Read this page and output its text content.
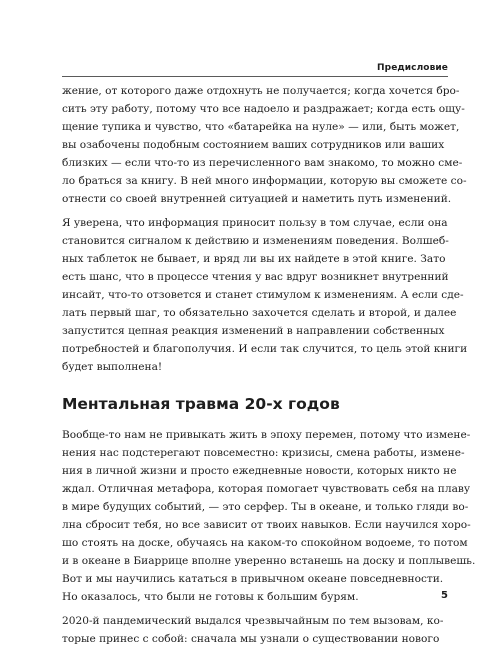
Предисловие

жение, от которого даже отдохнуть не получается; когда хочется бро-
сить эту работу, потому что все надоело и раздражает; когда есть ощу-
щение тупика и чувство, что «батарейка на нуле» — или, быть может,
вы озабочены подобным состоянием ваших сотрудников или ваших
близких — если что-то из перечисленного вам знакомо, то можно сме-
ло браться за книгу. В ней много информации, которую вы сможете со-
отнести со своей внутренней ситуацией и наметить путь изменений.

Я уверена, что информация приносит пользу в том случае, если она
становится сигналом к действию и изменениям поведения. Волшеб-
ных таблеток не бывает, и вряд ли вы их найдете в этой книге. Зато
есть шанс, что в процессе чтения у вас вдруг возникнет внутренний
инсайт, что-то отзовется и станет стимулом к изменениям. А если сде-
лать первый шаг, то обязательно захочется сделать и второй, и далее
запустится цепная реакция изменений в направлении собственных
потребностей и благополучия. И если так случится, то цель этой книги
будет выполнена!

Ментальная травма 20-х годов

Вообще-то нам не привыкать жить в эпоху перемен, потому что измене-
нения нас подстерегают повсеместно: кризисы, смена работы, измене-
ния в личной жизни и просто ежедневные новости, которых никто не
ждал. Отличная метафора, которая помогает чувствовать себя на плаву
в мире будущих событий, — это серфер. Ты в океане, и только гляди во-
лна сбросит тебя, но все зависит от твоих навыков. Если научился хоро-
шо стоять на доске, обучаясь на каком-то спокойном водоеме, то потом
и в океане в Биаррице вполне уверенно встанешь на доску и поплывешь.
Вот и мы научились кататься в привычном океане повседневности.
Но оказалось, что были не готовы к большим бурям.

2020-й пандемический выдался чрезвычайным по тем вызовам, ко-
торые принес с собой: сначала мы узнали о существовании нового

5
